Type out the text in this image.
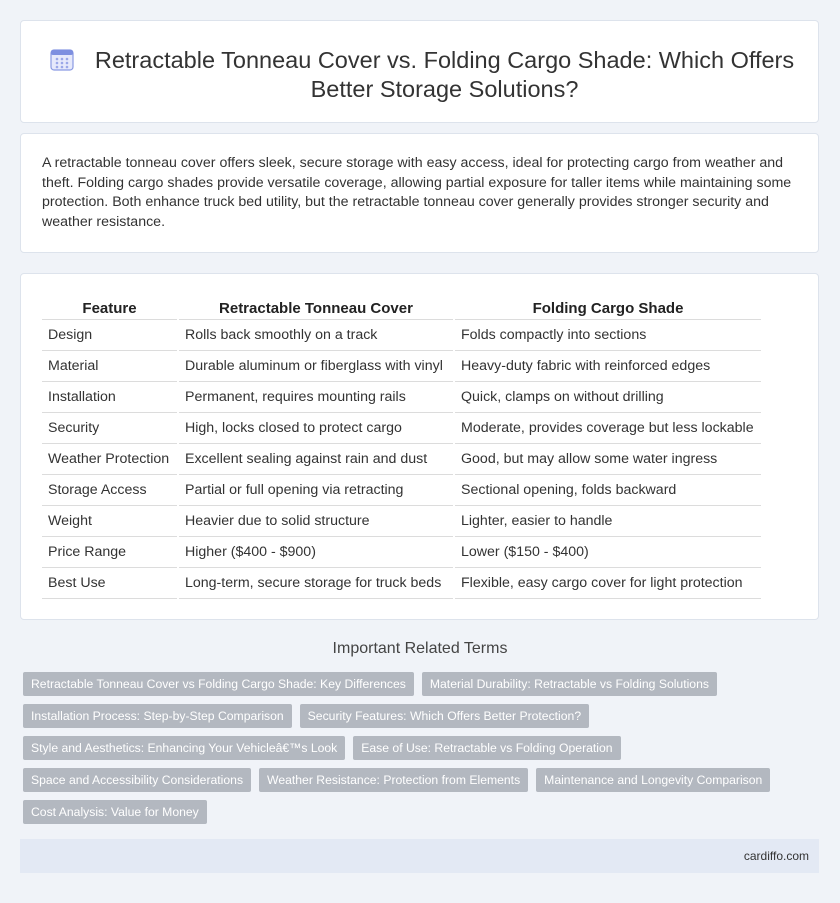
Retractable Tonneau Cover vs. Folding Cargo Shade: Which Offers Better Storage Solutions?

A retractable tonneau cover offers sleek, secure storage with easy access, ideal for protecting cargo from weather and theft. Folding cargo shades provide versatile coverage, allowing partial exposure for taller items while maintaining some protection. Both enhance truck bed utility, but the retractable tonneau cover generally provides stronger security and weather resistance.

Feature	Retractable Tonneau Cover	Folding Cargo Shade
Design	Rolls back smoothly on a track	Folds compactly into sections
Material	Durable aluminum or fiberglass with vinyl	Heavy-duty fabric with reinforced edges
Installation	Permanent, requires mounting rails	Quick, clamps on without drilling
Security	High, locks closed to protect cargo	Moderate, provides coverage but less lockable
Weather Protection	Excellent sealing against rain and dust	Good, but may allow some water ingress
Storage Access	Partial or full opening via retracting	Sectional opening, folds backward
Weight	Heavier due to solid structure	Lighter, easier to handle
Price Range	Higher ($400 - $900)	Lower ($150 - $400)
Best Use	Long-term, secure storage for truck beds	Flexible, easy cargo cover for light protection
Important Related Terms
Retractable Tonneau Cover vs Folding Cargo Shade: Key Differences	Material Durability: Retractable vs Folding Solutions
Installation Process: Step-by-Step Comparison	Security Features: Which Offers Better Protection?
Style and Aesthetics: Enhancing Your Vehicleâ€™s Look	Ease of Use: Retractable vs Folding Operation
Space and Accessibility Considerations	Weather Resistance: Protection from Elements	Maintenance and Longevity Comparison
Cost Analysis: Value for Money
cardiffo.com
